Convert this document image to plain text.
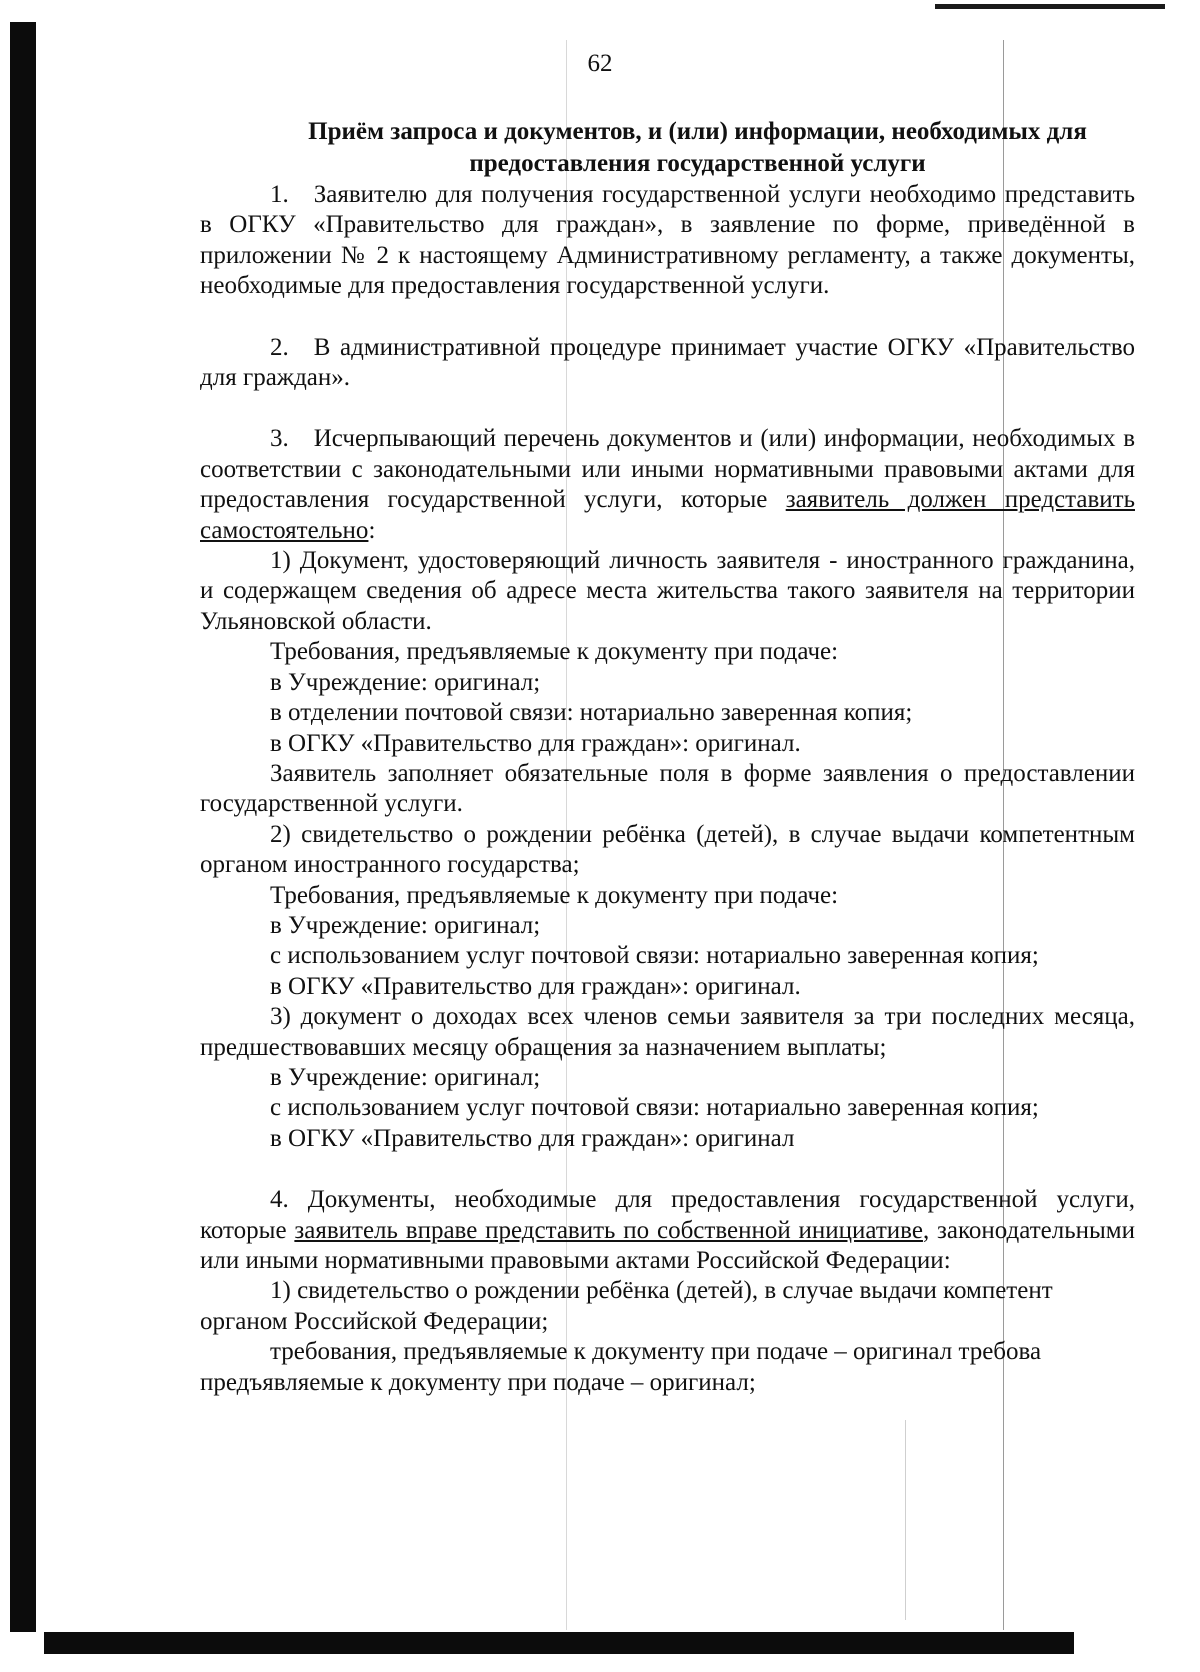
62

Приём запроса и документов, и (или) информации, необходимых для предоставления государственной услуги

1. Заявителю для получения государственной услуги необходимо представить в ОГКУ «Правительство для граждан», в заявление по форме, приведённой в приложении № 2 к настоящему Административному регламенту, а также документы, необходимые для предоставления государственной услуги.

2. В административной процедуре принимает участие ОГКУ «Правительство для граждан».

3. Исчерпывающий перечень документов и (или) информации, необходимых в соответствии с законодательными или иными нормативными правовыми актами для предоставления государственной услуги, которые заявитель должен представить самостоятельно:

1) Документ, удостоверяющий личность заявителя - иностранного гражданина, и содержащем сведения об адресе места жительства такого заявителя на территории Ульяновской области.

Требования, предъявляемые к документу при подаче:

в Учреждение: оригинал;

в отделении почтовой связи: нотариально заверенная копия;

в ОГКУ «Правительство для граждан»: оригинал.

Заявитель заполняет обязательные поля в форме заявления о предоставлении государственной услуги.

2) свидетельство о рождении ребёнка (детей), в случае выдачи компетентным органом иностранного государства;

Требования, предъявляемые к документу при подаче:

в Учреждение: оригинал;

с использованием услуг почтовой связи: нотариально заверенная копия;

в ОГКУ «Правительство для граждан»: оригинал.

3) документ о доходах всех членов семьи заявителя за три последних месяца, предшествовавших месяцу обращения за назначением выплаты;

в Учреждение: оригинал;

с использованием услуг почтовой связи: нотариально заверенная копия;

в ОГКУ «Правительство для граждан»: оригинал

4. Документы, необходимые для предоставления государственной услуги, которые заявитель вправе представить по собственной инициативе, законодательными или иными нормативными правовыми актами Российской Федерации:

1) свидетельство о рождении ребёнка (детей), в случае выдачи компетент

органом Российской Федерации;

требования, предъявляемые к документу при подаче – оригинал требова

предъявляемые к документу при подаче – оригинал;
